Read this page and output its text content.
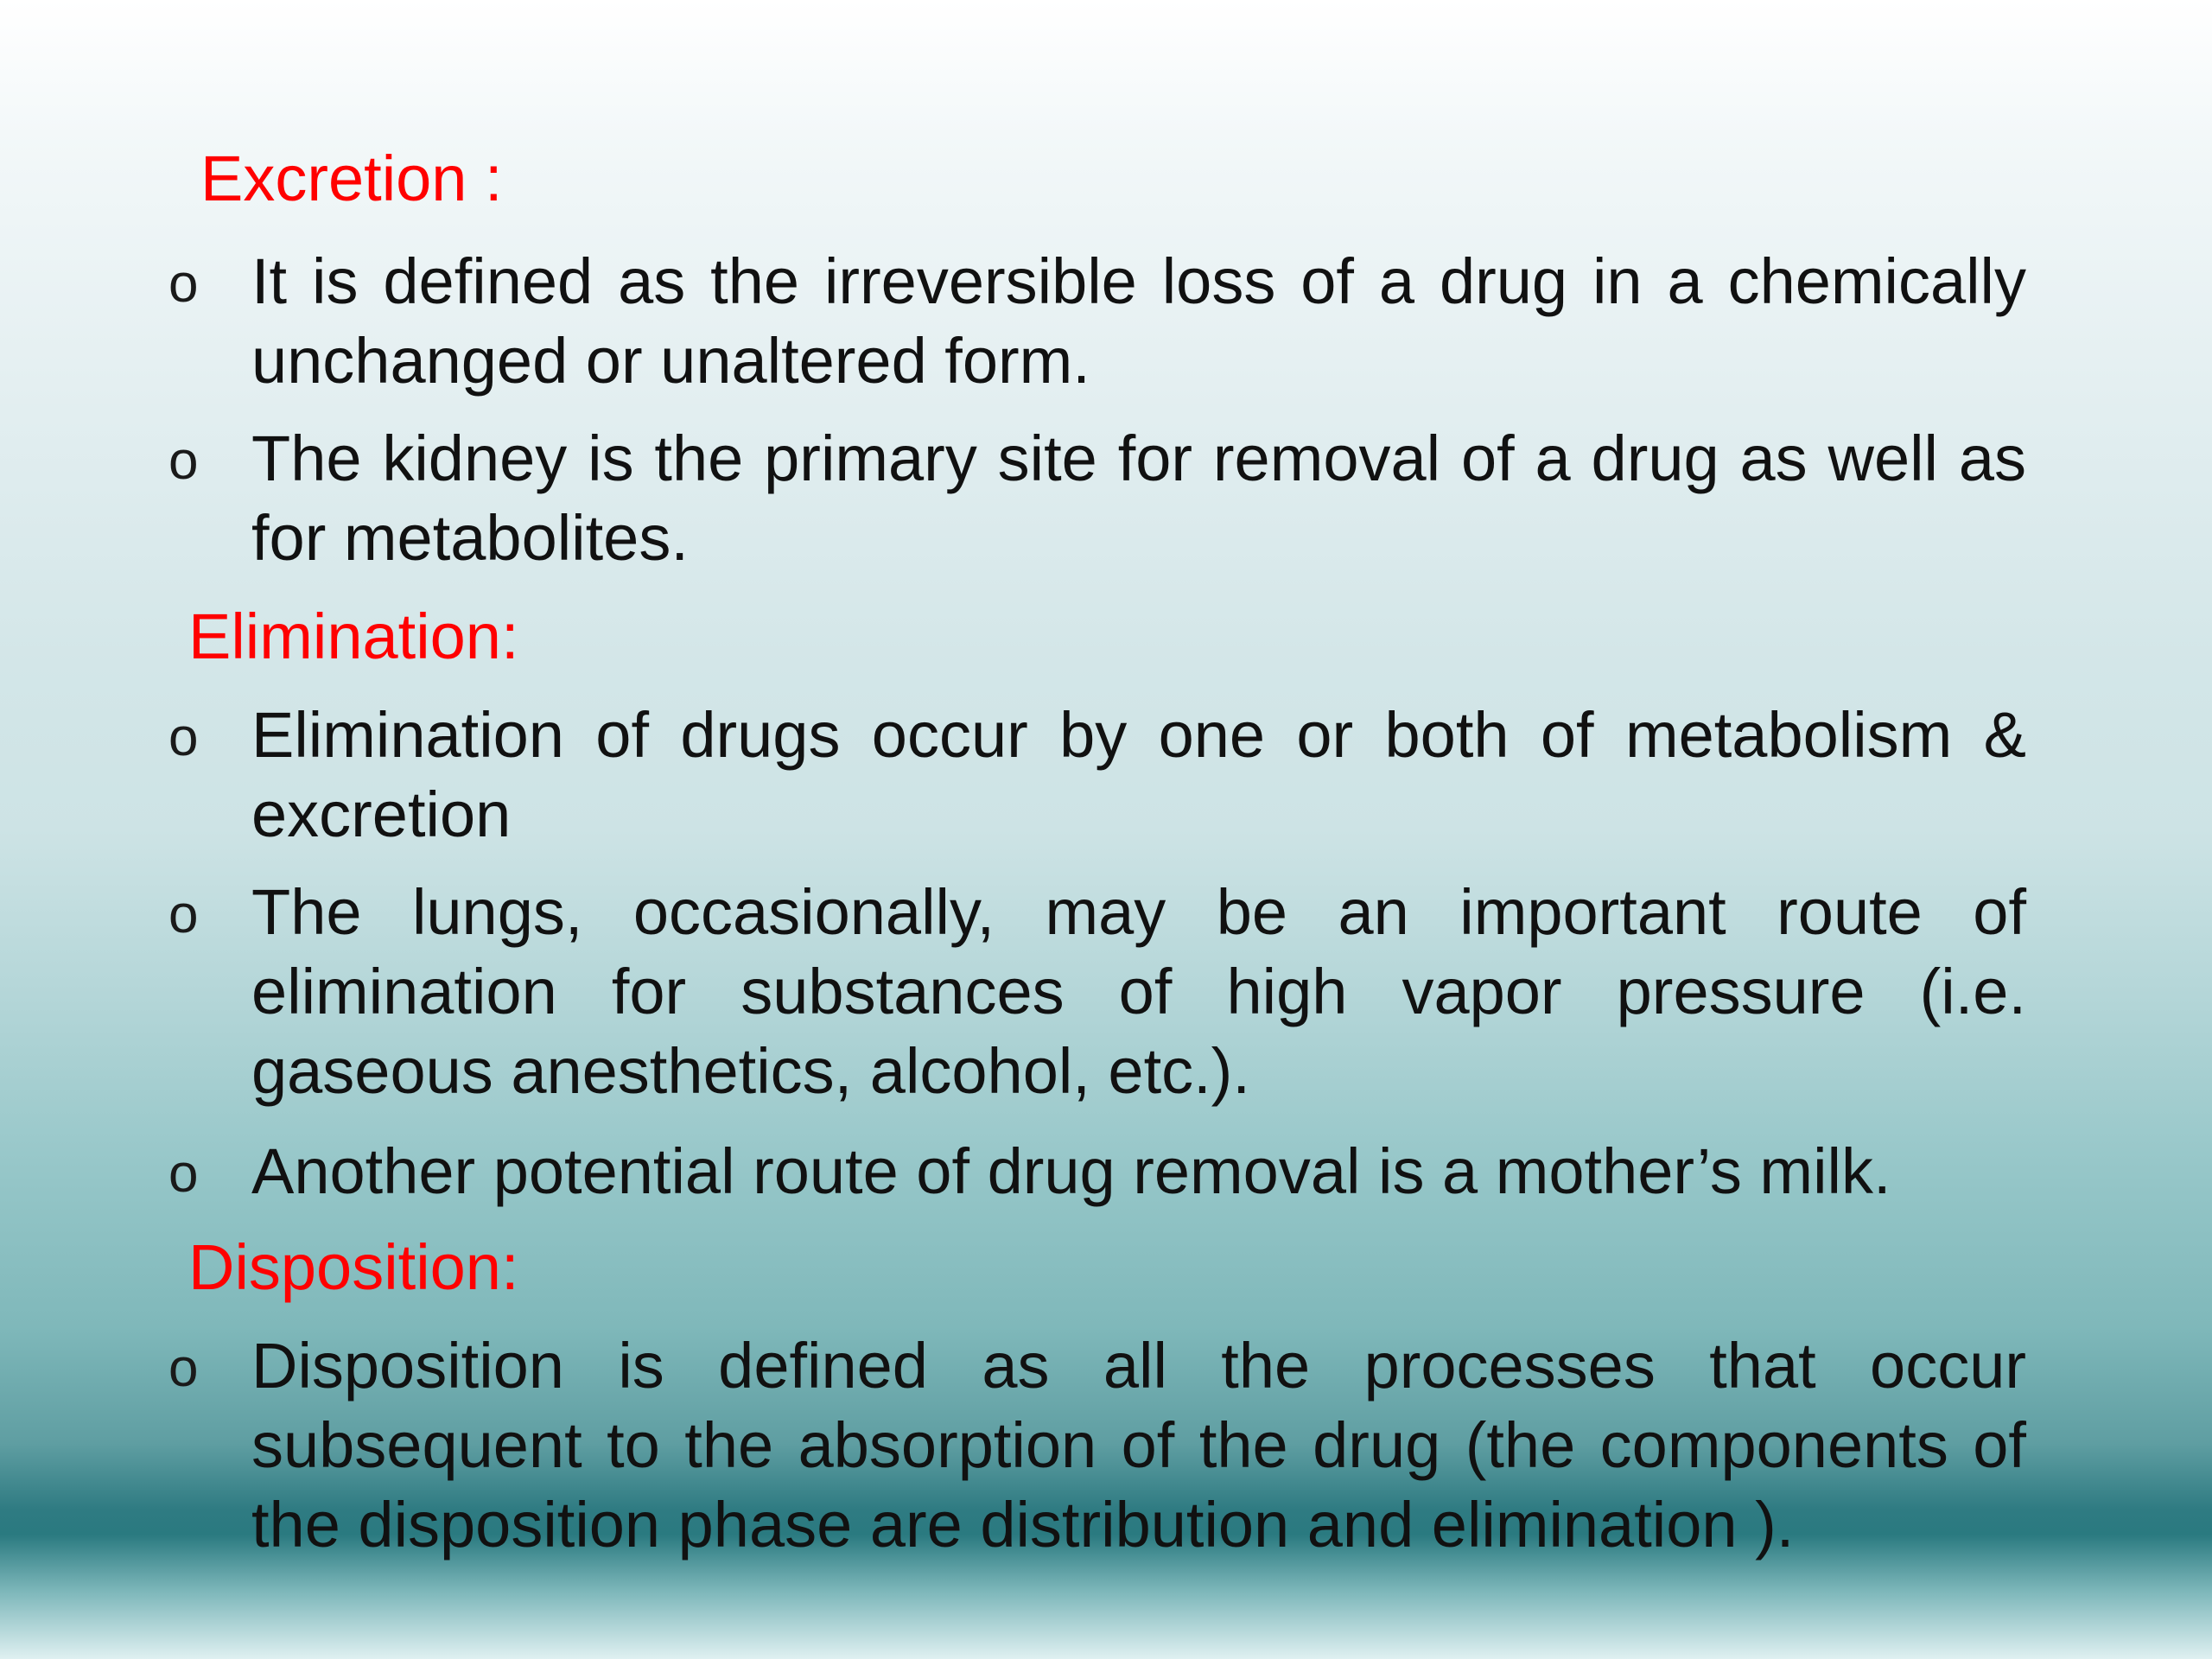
Excretion :
o It is defined as the irreversible loss of a drug in a chemically unchanged or unaltered form.
o The kidney is the primary site for removal of a drug as well as for metabolites.
Elimination:
o Elimination of drugs occur by one or both of metabolism & excretion
o The lungs, occasionally, may be an important route of elimination for substances of high vapor pressure (i.e. gaseous anesthetics, alcohol, etc.).
o Another potential route of drug removal is a mother’s milk.
Disposition:
o Disposition is defined as all the processes that occur subsequent to the absorption of the drug (the components of the disposition phase are distribution and elimination ).
